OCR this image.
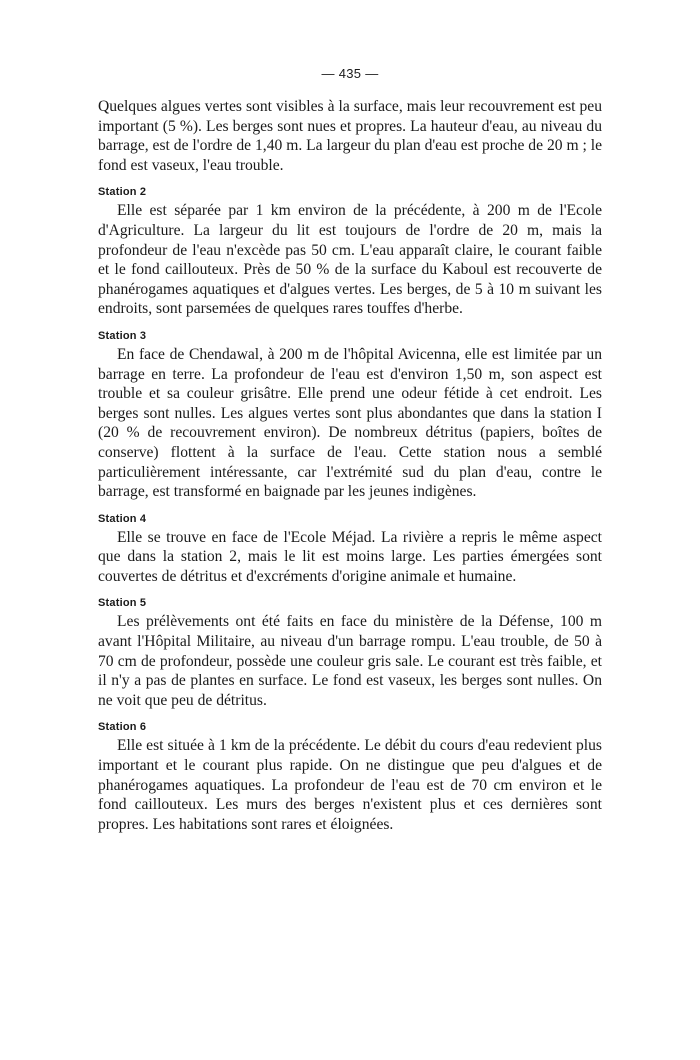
— 435 —

Quelques algues vertes sont visibles à la surface, mais leur recouvrement est peu important (5 %). Les berges sont nues et propres. La hauteur d'eau, au niveau du barrage, est de l'ordre de 1,40 m. La largeur du plan d'eau est proche de 20 m ; le fond est vaseux, l'eau trouble.

Station 2

Elle est séparée par 1 km environ de la précédente, à 200 m de l'Ecole d'Agriculture. La largeur du lit est toujours de l'ordre de 20 m, mais la profondeur de l'eau n'excède pas 50 cm. L'eau apparaît claire, le courant faible et le fond caillouteux. Près de 50 % de la surface du Kaboul est recouverte de phanérogames aquatiques et d'algues vertes. Les berges, de 5 à 10 m suivant les endroits, sont parsemées de quelques rares touffes d'herbe.

Station 3

En face de Chendawal, à 200 m de l'hôpital Avicenna, elle est limitée par un barrage en terre. La profondeur de l'eau est d'environ 1,50 m, son aspect est trouble et sa couleur grisâtre. Elle prend une odeur fétide à cet endroit. Les berges sont nulles. Les algues vertes sont plus abondantes que dans la station I (20 % de recouvrement environ). De nombreux détritus (papiers, boîtes de conserve) flottent à la surface de l'eau. Cette station nous a semblé particulièrement intéressante, car l'extrémité sud du plan d'eau, contre le barrage, est transformé en baignade par les jeunes indigènes.

Station 4

Elle se trouve en face de l'Ecole Méjad. La rivière a repris le même aspect que dans la station 2, mais le lit est moins large. Les parties émergées sont couvertes de détritus et d'excréments d'origine animale et humaine.

Station 5

Les prélèvements ont été faits en face du ministère de la Défense, 100 m avant l'Hôpital Militaire, au niveau d'un barrage rompu. L'eau trouble, de 50 à 70 cm de profondeur, possède une couleur gris sale. Le courant est très faible, et il n'y a pas de plantes en surface. Le fond est vaseux, les berges sont nulles. On ne voit que peu de détritus.

Station 6

Elle est située à 1 km de la précédente. Le débit du cours d'eau redevient plus important et le courant plus rapide. On ne distingue que peu d'algues et de phanérogames aquatiques. La profondeur de l'eau est de 70 cm environ et le fond caillouteux. Les murs des berges n'existent plus et ces dernières sont propres. Les habitations sont rares et éloignées.
